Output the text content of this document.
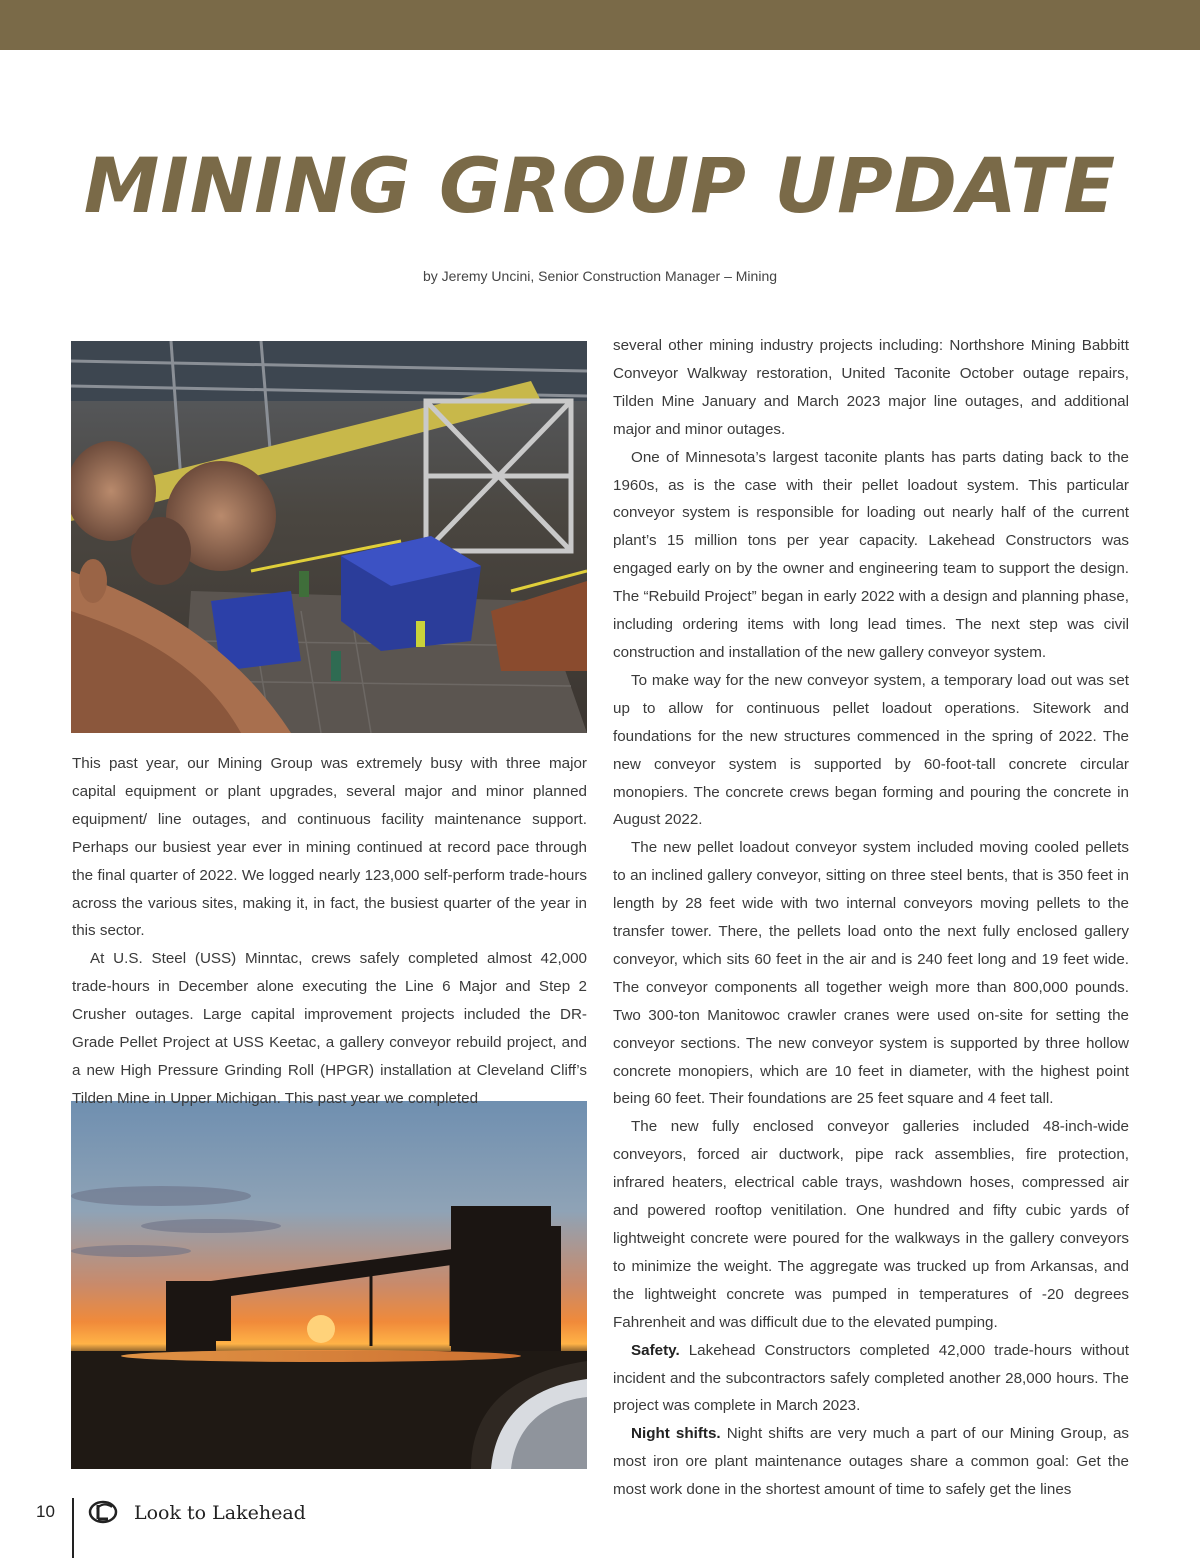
MINING GROUP UPDATE
by Jeremy Uncini, Senior Construction Manager – Mining

This past year, our Mining Group was extremely busy with three major capital equipment or plant upgrades, several major and minor planned equipment/ line outages, and continuous facility maintenance support. Perhaps our busiest year ever in mining continued at record pace through the final quarter of 2022. We logged nearly 123,000 self-perform trade-hours across the various sites, making it, in fact, the busiest quarter of the year in this sector.

At U.S. Steel (USS) Minntac, crews safely completed almost 42,000 trade-hours in December alone executing the Line 6 Major and Step 2 Crusher outages. Large capital improvement projects included the DR-Grade Pellet Project at USS Keetac, a gallery conveyor rebuild project, and a new High Pressure Grinding Roll (HPGR) installation at Cleveland Cliff’s Tilden Mine in Upper Michigan. This past year we completed

several other mining industry projects including: Northshore Mining Babbitt Conveyor Walkway restoration, United Taconite October outage repairs, Tilden Mine January and March 2023 major line outages, and additional major and minor outages.

One of Minnesota’s largest taconite plants has parts dating back to the 1960s, as is the case with their pellet loadout system. This particular conveyor system is responsible for loading out nearly half of the current plant’s 15 million tons per year capacity. Lakehead Constructors was engaged early on by the owner and engineering team to support the design. The “Rebuild Project” began in early 2022 with a design and planning phase, including ordering items with long lead times. The next step was civil construction and installation of the new gallery conveyor system.

To make way for the new conveyor system, a temporary load out was set up to allow for continuous pellet loadout operations. Sitework and foundations for the new structures commenced in the spring of 2022. The new conveyor system is supported by 60-foot-tall concrete circular monopiers. The concrete crews began forming and pouring the concrete in August 2022.

The new pellet loadout conveyor system included moving cooled pellets to an inclined gallery conveyor, sitting on three steel bents, that is 350 feet in length by 28 feet wide with two internal conveyors moving pellets to the transfer tower. There, the pellets load onto the next fully enclosed gallery conveyor, which sits 60 feet in the air and is 240 feet long and 19 feet wide. The conveyor components all together weigh more than 800,000 pounds. Two 300-ton Manitowoc crawler cranes were used on-site for setting the conveyor sections. The new conveyor system is supported by three hollow concrete monopiers, which are 10 feet in diameter, with the highest point being 60 feet. Their foundations are 25 feet square and 4 feet tall.

The new fully enclosed conveyor galleries included 48-inch-wide conveyors, forced air ductwork, pipe rack assemblies, fire protection, infrared heaters, electrical cable trays, washdown hoses, compressed air and powered rooftop venitilation. One hundred and fifty cubic yards of lightweight concrete were poured for the walkways in the gallery conveyors to minimize the weight. The aggregate was trucked up from Arkansas, and the lightweight concrete was pumped in temperatures of -20 degrees Fahrenheit and was difficult due to the elevated pumping.

Safety. Lakehead Constructors completed 42,000 trade-hours without incident and the subcontractors safely completed another 28,000 hours. The project was complete in March 2023.

Night shifts. Night shifts are very much a part of our Mining Group, as most iron ore plant maintenance outages share a common goal: Get the most work done in the shortest amount of time to safely get the lines

10	Look to Lakehead
